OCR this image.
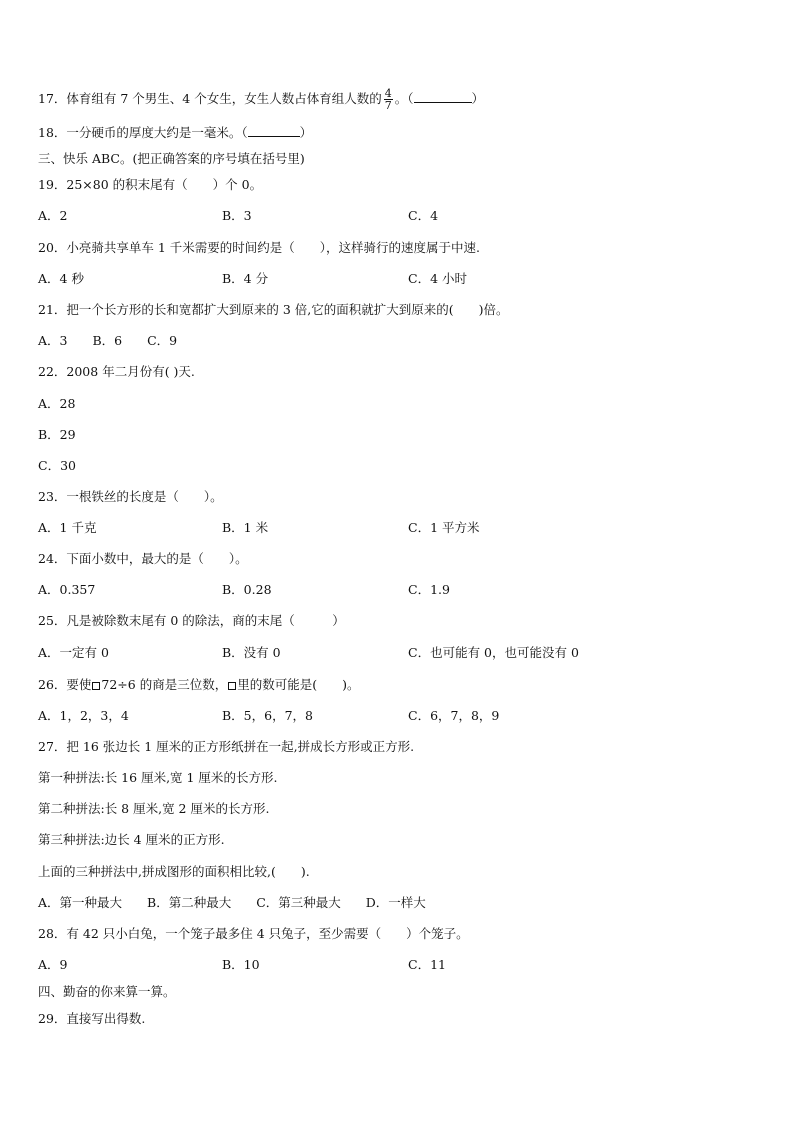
17．体育组有 7 个男生、4 个女生，女生人数占体育组人数的 $\frac{4}{7}$ 。（	）
18．一分硬币的厚度大约是一毫米。（	）
三、快乐 ABC。(把正确答案的序号填在括号里)
19．25×80 的积末尾有（　　）个 0。
A．2	B．3	C．4
20．小亮骑共享单车 1 千米需要的时间约是（　　），这样骑行的速度属于中速.
A．4 秒	B．4 分	C．4 小时
21．把一个长方形的长和宽都扩大到原来的 3 倍,它的面积就扩大到原来的(　　)倍。
A．3　　B．6　　C．9
22．2008 年二月份有( )天.
A．28
B．29
C．30
23．一根铁丝的长度是（　　）。
A．1 千克	B．1 米	C．1 平方米
24．下面小数中，最大的是（　　）。
A．0.357	B．0.28	C．1.9
25．凡是被除数末尾有 0 的除法，商的末尾（　　　）
A．一定有 0	B．没有 0	C．也可能有 0，也可能没有 0
26．要使 72÷6 的商是三位数， 里的数可能是(　　)。
A．1，2，3，4	B．5，6，7，8	C．6，7，8，9
27．把 16 张边长 1 厘米的正方形纸拼在一起,拼成长方形或正方形.
第一种拼法:长 16 厘米,宽 1 厘米的长方形.
第二种拼法:长 8 厘米,宽 2 厘米的长方形.
第三种拼法:边长 4 厘米的正方形.
上面的三种拼法中,拼成图形的面积相比较,(　　).
A．第一种最大　　B．第二种最大　　C．第三种最大　　D．一样大
28．有 42 只小白兔，一个笼子最多住 4 只兔子，至少需要（　　）个笼子。
A．9	B．10	C．11
四、勤奋的你来算一算。
29．直接写出得数.
